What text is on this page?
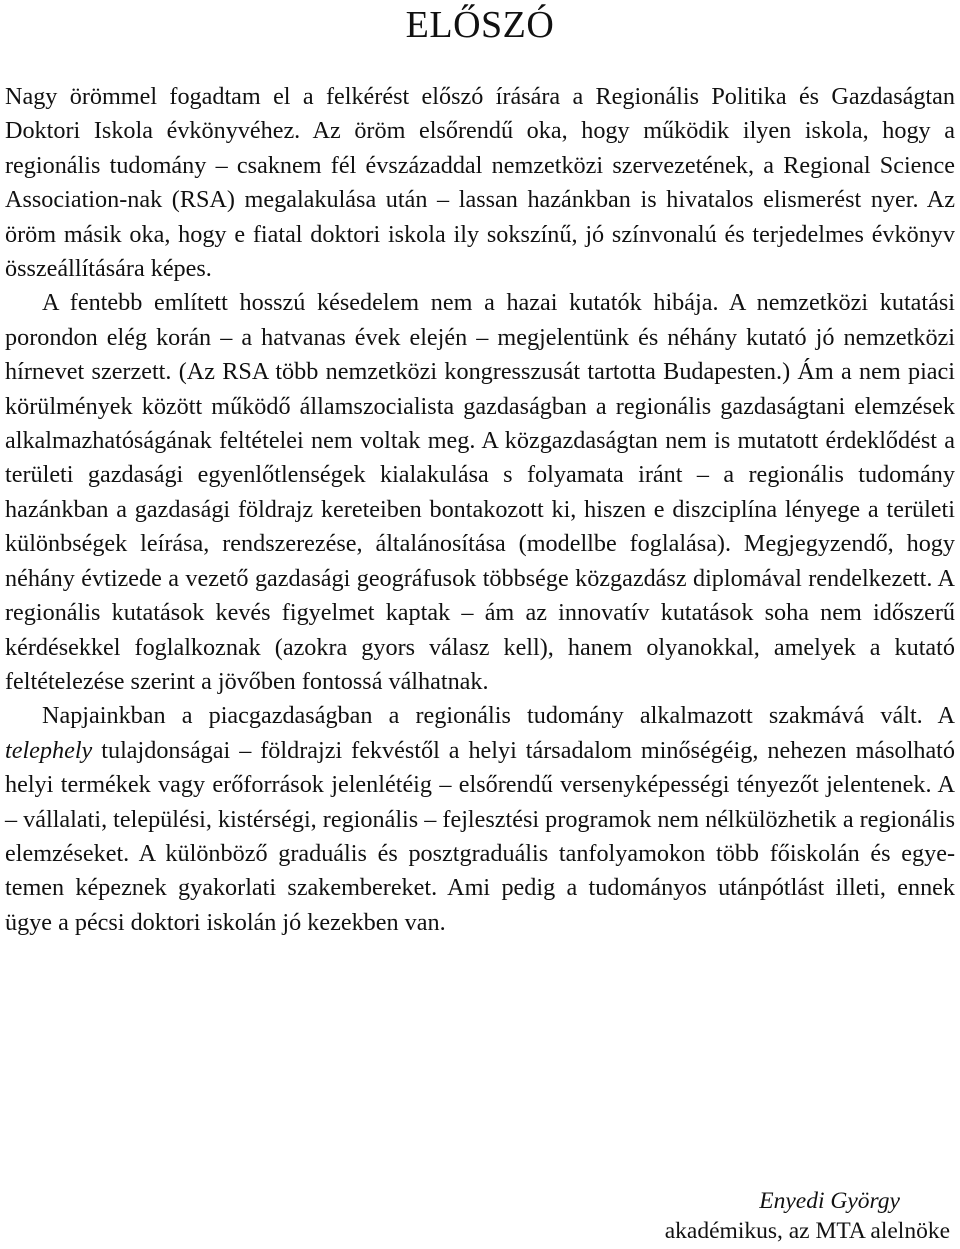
ELŐSZÓ

Nagy örömmel fogadtam el a felkérést előszó írására a Regionális Politika és Gazdaságtan Doktori Iskola évkönyvéhez. Az öröm elsőrendű oka, hogy működik ilyen iskola, hogy a regionális tudomány – csaknem fél évszázaddal nemzetközi szervezetének, a Regional Science Association-nak (RSA) megalakulása után – lassan hazánkban is hivatalos elismerést nyer. Az öröm másik oka, hogy e fiatal doktori iskola ily sokszínű, jó színvonalú és terjedelmes évkönyv összeállítására képes.

A fentebb említett hosszú késedelem nem a hazai kutatók hibája. A nemzetközi kutatási porondon elég korán – a hatvanas évek elején – megjelentünk és néhány kutató jó nemzetközi hírnevet szerzett. (Az RSA több nemzetközi kongresszusát tartotta Budapesten.) Ám a nem piaci körülmények között működő államszocialista gazdaságban a regionális gazdaságtani elemzések alkalmazhatóságának feltételei nem voltak meg. A közgazdaságtan nem is mutatott érdeklődést a területi gazdasági egyenlőtlenségek kialakulása s folyamata iránt – a regionális tudomány hazánkban a gazdasági földrajz kereteiben bontakozott ki, hiszen e diszciplína lényege a területi különbségek leírása, rendszerezése, általánosítása (modellbe foglalása). Megjegyzendő, hogy néhány évtizede a vezető gazdasági geográfusok többsége közgazdász diplomával rendelkezett. A regionális kutatások kevés figyelmet kaptak – ám az innovatív kutatások soha nem időszerű kérdésekkel foglalkoznak (azokra gyors válasz kell), hanem olyanokkal, amelyek a kutató feltételezése szerint a jövőben fontossá válhatnak.

Napjainkban a piacgazdaságban a regionális tudomány alkalmazott szakmává vált. A telephely tulajdonságai – földrajzi fekvéstől a helyi társadalom minőségéig, nehezen másolható helyi termékek vagy erőforrások jelenlétéig – elsőrendű versenyképességi tényezőt jelentenek. A – vállalati, települési, kistérségi, regionális – fejlesztési programok nem nélkülözhetik a regionális elemzéseket. A különböző graduális és posztgraduális tanfolyamokon több főiskolán és egyetemen képeznek gyakorlati szakembereket. Ami pedig a tudományos utánpótlást illeti, ennek ügye a pécsi doktori iskolán jó kezekben van.

Enyedi György
akadémikus, az MTA alelnöke
